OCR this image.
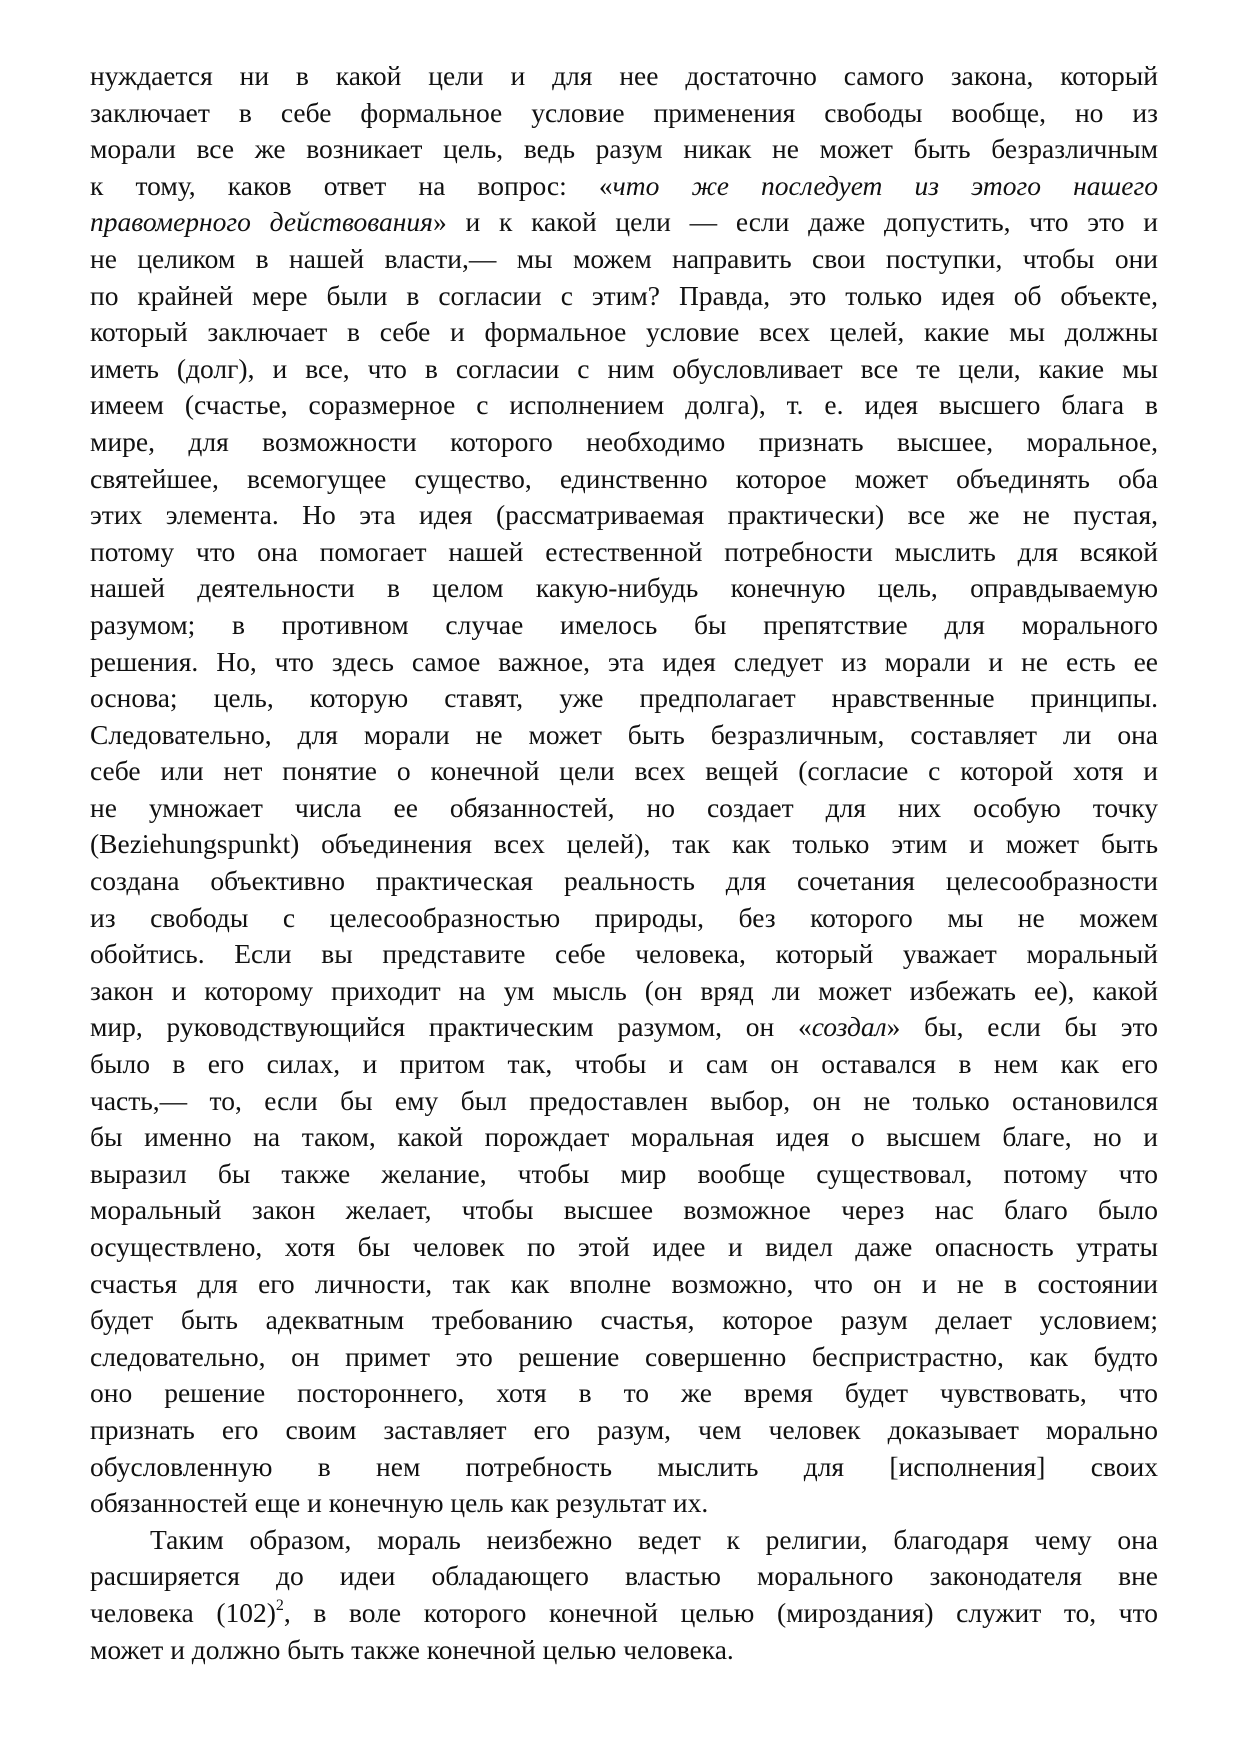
нуждается ни в какой цели и для нее достаточно самого закона, который
заключает в себе формальное условие применения свободы вообще, но из
морали все же возникает цель, ведь разум никак не может быть безразличным
к тому, каков ответ на вопрос: «что же последует из этого нашего
правомерного действования» и к какой цели — если даже допустить, что это и
не целиком в нашей власти,— мы можем направить свои поступки, чтобы они
по крайней мере были в согласии с этим? Правда, это только идея об объекте,
который заключает в себе и формальное условие всех целей, какие мы должны
иметь (долг), и все, что в согласии с ним обусловливает все те цели, какие мы
имеем (счастье, соразмерное с исполнением долга), т. е. идея высшего блага в
мире, для возможности которого необходимо признать высшее, моральное,
святейшее, всемогущее существо, единственно которое может объединять оба
этих элемента. Но эта идея (рассматриваемая практически) все же не пустая,
потому что она помогает нашей естественной потребности мыслить для всякой
нашей деятельности в целом какую-нибудь конечную цель, оправдываемую
разумом; в противном случае имелось бы препятствие для морального
решения. Но, что здесь самое важное, эта идея следует из морали и не есть ее
основа; цель, которую ставят, уже предполагает нравственные принципы.
Следовательно, для морали не может быть безразличным, составляет ли она
себе или нет понятие о конечной цели всех вещей (согласие с которой хотя и
не умножает числа ее обязанностей, но создает для них особую точку
(Beziehungspunkt) объединения всех целей), так как только этим и может быть
создана объективно практическая реальность для сочетания целесообразности
из свободы с целесообразностью природы, без которого мы не можем
обойтись. Если вы представите себе человека, который уважает моральный
закон и которому приходит на ум мысль (он вряд ли может избежать ее), какой
мир, руководствующийся практическим разумом, он «создал» бы, если бы это
было в его силах, и притом так, чтобы и сам он оставался в нем как его
часть,— то, если бы ему был предоставлен выбор, он не только остановился
бы именно на таком, какой порождает моральная идея о высшем благе, но и
выразил бы также желание, чтобы мир вообще существовал, потому что
моральный закон желает, чтобы высшее возможное через нас благо было
осуществлено, хотя бы человек по этой идее и видел даже опасность утраты
счастья для его личности, так как вполне возможно, что он и не в состоянии
будет быть адекватным требованию счастья, которое разум делает условием;
следовательно, он примет это решение совершенно беспристрастно, как будто
оно решение постороннего, хотя в то же время будет чувствовать, что
признать его своим заставляет его разум, чем человек доказывает морально
обусловленную в нем потребность мыслить для [исполнения] своих
обязанностей еще и конечную цель как результат их.

Таким образом, мораль неизбежно ведет к религии, благодаря чему она
расширяется до идеи обладающего властью морального законодателя вне
человека $(102)^2$, в воле которого конечной целью (мироздания) служит то, что
может и должно быть также конечной целью человека.
